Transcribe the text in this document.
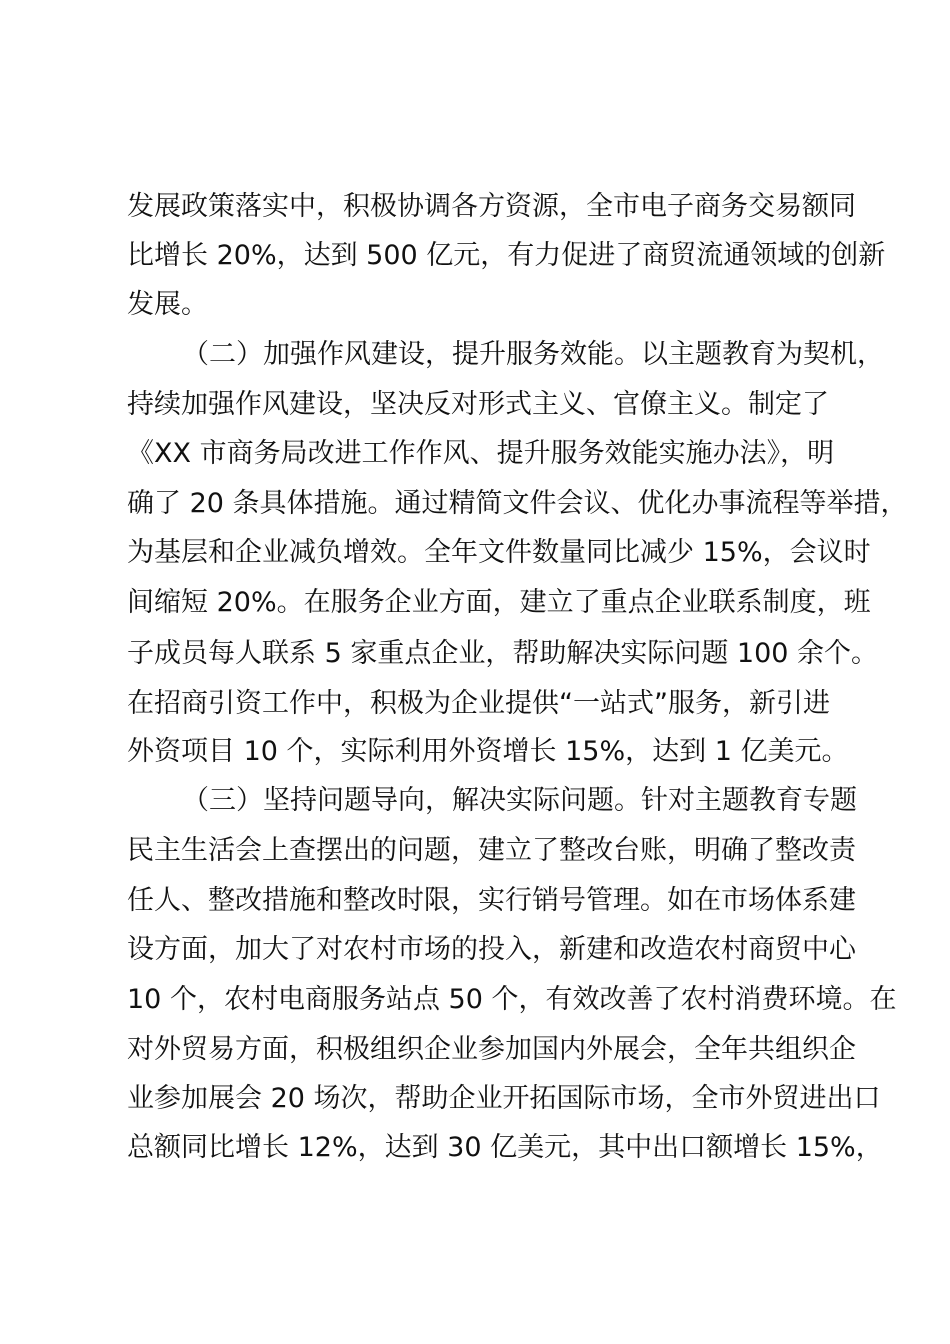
发展政策落实中，积极协调各方资源，全市电子商务交易额同
比增长 20%，达到 500 亿元，有力促进了商贸流通领域的创新
发展。
（二）加强作风建设，提升服务效能。以主题教育为契机，
持续加强作风建设，坚决反对形式主义、官僚主义。制定了
《XX 市商务局改进工作作风、提升服务效能实施办法》，明
确了 20 条具体措施。通过精简文件会议、优化办事流程等举措，
为基层和企业减负增效。全年文件数量同比减少 15%，会议时
间缩短 20%。在服务企业方面，建立了重点企业联系制度，班
子成员每人联系 5 家重点企业，帮助解决实际问题 100 余个。
在招商引资工作中，积极为企业提供“一站式”服务，新引进
外资项目 10 个，实际利用外资增长 15%，达到 1 亿美元。
（三）坚持问题导向，解决实际问题。针对主题教育专题
民主生活会上查摆出的问题，建立了整改台账，明确了整改责
任人、整改措施和整改时限，实行销号管理。如在市场体系建
设方面，加大了对农村市场的投入，新建和改造农村商贸中心
10 个，农村电商服务站点 50 个，有效改善了农村消费环境。在
对外贸易方面，积极组织企业参加国内外展会，全年共组织企
业参加展会 20 场次，帮助企业开拓国际市场，全市外贸进出口
总额同比增长 12%，达到 30 亿美元，其中出口额增长 15%，
